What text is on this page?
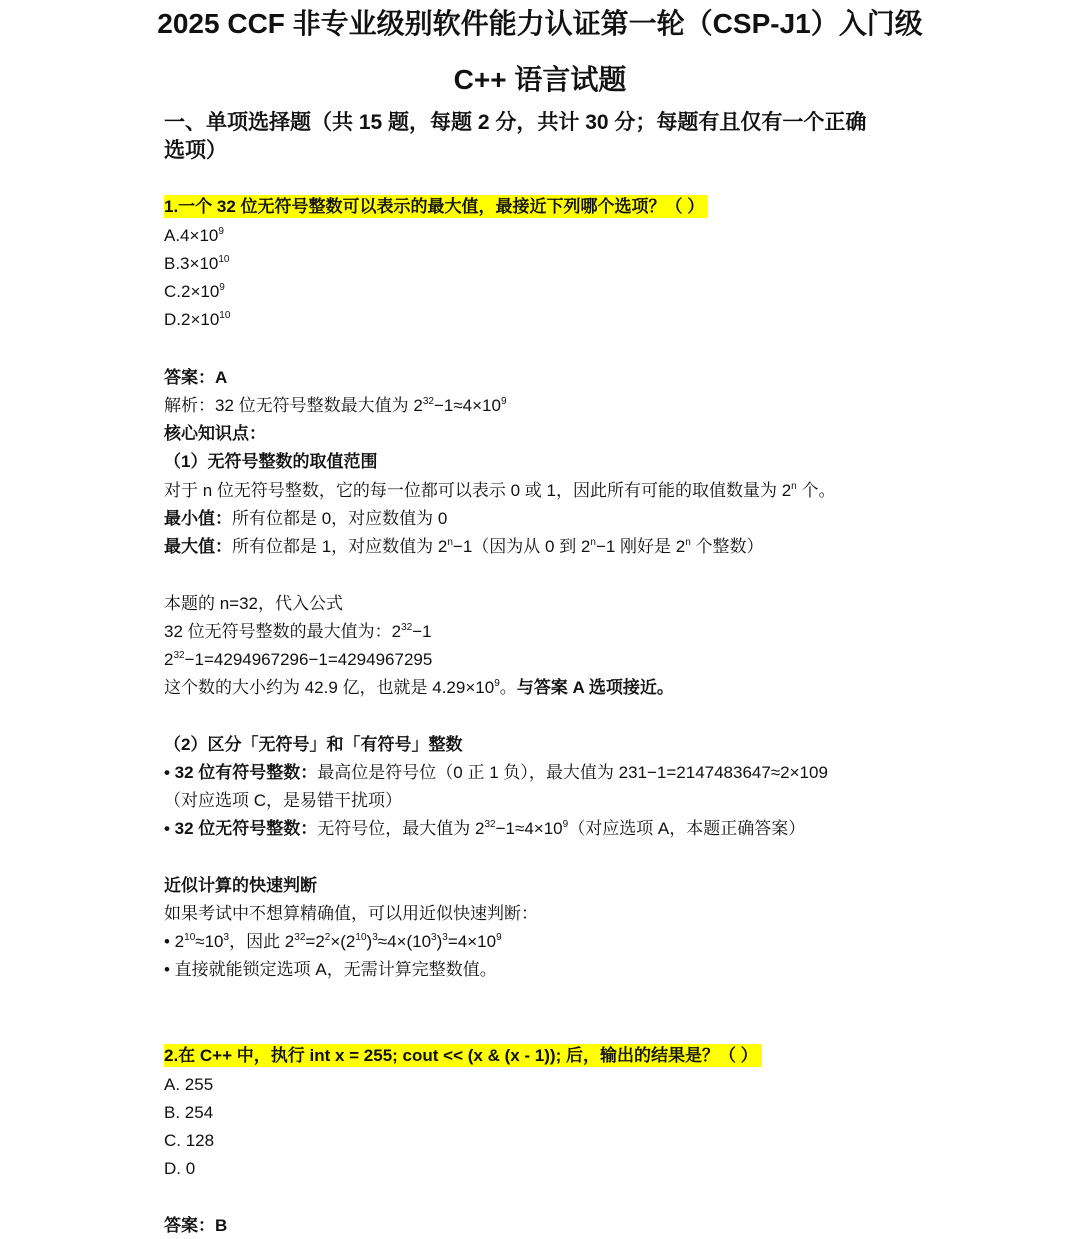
2025 CCF 非专业级别软件能力认证第一轮（CSP-J1）入门级
C++ 语言试题
一、单项选择题（共 15 题，每题 2 分，共计 30 分；每题有且仅有一个正确
选项）
1.一个 32 位无符号整数可以表示的最大值，最接近下列哪个选项？（ ）
$A.4\times 10^9$
$B.3\times 10^{10}$
$C.2\times 10^9$
$D.2\times 10^{10}$
答案：A
解析：32 位无符号整数最大值为 $2^{32}-1\approx 4\times 10^9$
核心知识点：
（1）无符号整数的取值范围
对于 n 位无符号整数，它的每一位都可以表示 0 或 1，因此所有可能的取值数量为 2$^n$ 个。
最小值：所有位都是 0，对应数值为 0
最大值：所有位都是 1，对应数值为 $2^n-1$（因为从 0 到 $2^n-1$ 刚好是 2$^n$ 个整数）
本题的 n=32，代入公式
32 位无符号整数的最大值为：$2^{32}-1$
$2^{32}-1=4294967296-1=4294967295$
这个数的大小约为 42.9 亿，也就是 $4.29\times 10^9$。与答案 A 选项接近。
（2）区分「无符号」和「有符号」整数
• 32 位有符号整数：最高位是符号位（0 正 1 负），最大值为 231−1=2147483647≈2×109
（对应选项 C，是易错干扰项）
• 32 位无符号整数：无符号位，最大值为 $2^{32}-1\approx 4\times 10^9$（对应选项 A，本题正确答案）
近似计算的快速判断
如果考试中不想算精确值，可以用近似快速判断：
• $2^{10}\approx 10^3$，因此 $2^{32}=2^2\times(2^{10})^3\approx 4\times(10^3)^3=4\times 10^9$
• 直接就能锁定选项 A，无需计算完整数值。
2.在 C++ 中，执行 int x = 255; cout << (x & (x - 1)); 后，输出的结果是？（ ）
A. 255
B. 254
C. 128
D. 0
答案：B
